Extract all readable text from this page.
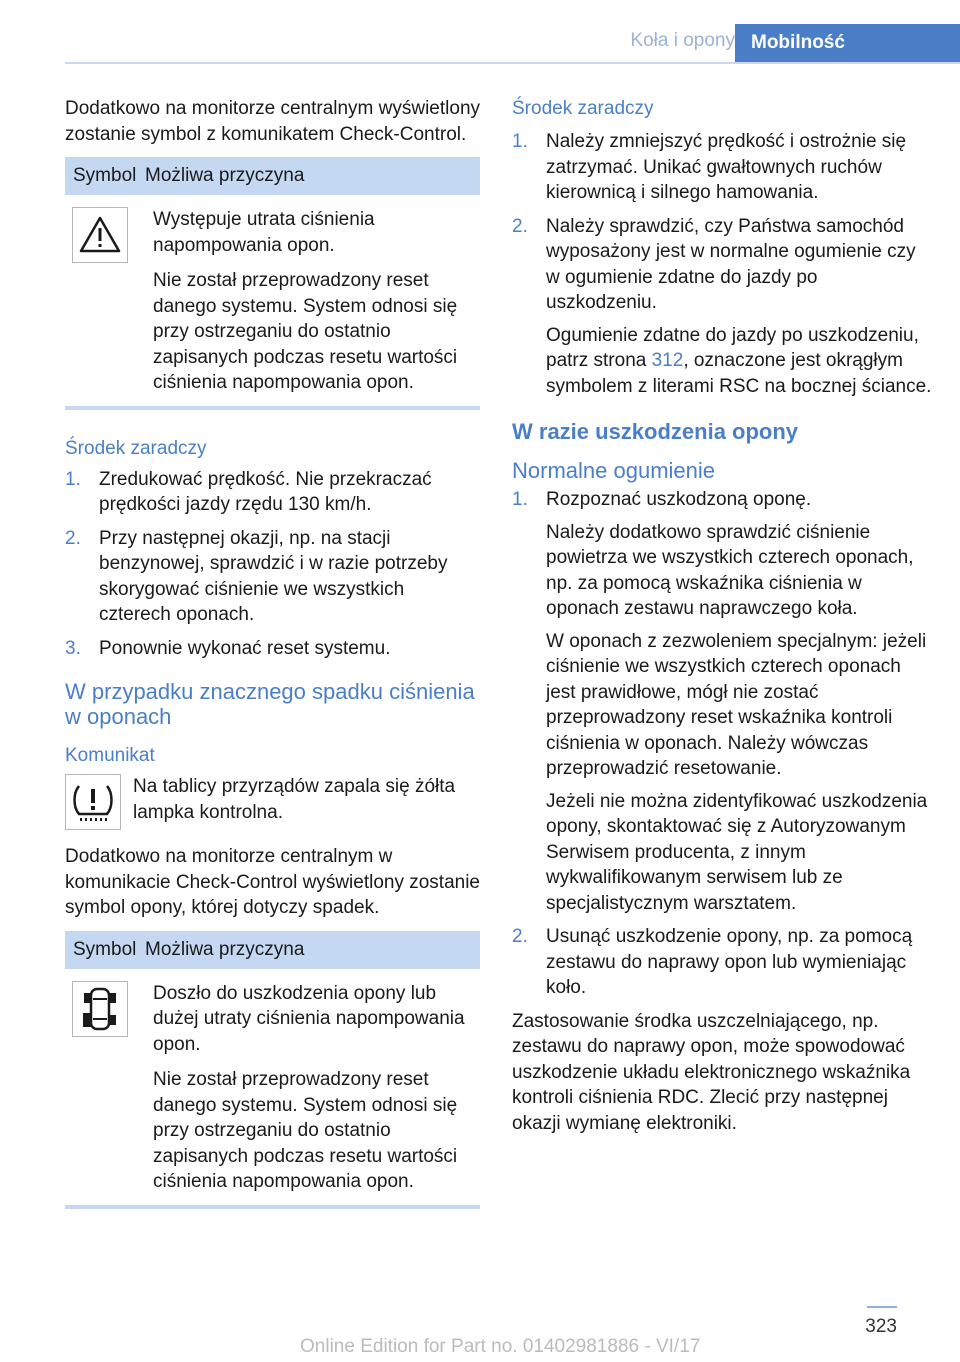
Koła i opony Mobilność

Dodatkowo na monitorze centralnym wyświetlony zostanie symbol z komunikatem Check-Control.

Symbol Możliwa przyczyna

Występuje utrata ciśnienia napompowania opon.

Nie został przeprowadzony reset danego systemu. System odnosi się przy ostrzeganiu do ostatnio zapisanych podczas resetu wartości ciśnienia napompowania opon.

Środek zaradczy

1. Zredukować prędkość. Nie przekraczać prędkości jazdy rzędu 130 km/h.

2. Przy następnej okazji, np. na stacji benzynowej, sprawdzić i w razie potrzeby skorygować ciśnienie we wszystkich czterech oponach.

3. Ponownie wykonać reset systemu.

W przypadku znacznego spadku ciśnienia w oponach

Komunikat

Na tablicy przyrządów zapala się żółta lampka kontrolna.

Dodatkowo na monitorze centralnym w komunikacie Check-Control wyświetlony zostanie symbol opony, której dotyczy spadek.

Symbol Możliwa przyczyna

Doszło do uszkodzenia opony lub dużej utraty ciśnienia napompowania opon.

Nie został przeprowadzony reset danego systemu. System odnosi się przy ostrzeganiu do ostatnio zapisanych podczas resetu wartości ciśnienia napompowania opon.

Środek zaradczy

1. Należy zmniejszyć prędkość i ostrożnie się zatrzymać. Unikać gwałtownych ruchów kierownicą i silnego hamowania.

2. Należy sprawdzić, czy Państwa samochód wyposażony jest w normalne ogumienie czy w ogumienie zdatne do jazdy po uszkodzeniu.

Ogumienie zdatne do jazdy po uszkodzeniu, patrz strona 312, oznaczone jest okrągłym symbolem z literami RSC na bocznej ściance.

W razie uszkodzenia opony

Normalne ogumienie

1. Rozpoznać uszkodzoną oponę.

Należy dodatkowo sprawdzić ciśnienie powietrza we wszystkich czterech oponach, np. za pomocą wskaźnika ciśnienia w oponach zestawu naprawczego koła.

W oponach z zezwoleniem specjalnym: jeżeli ciśnienie we wszystkich czterech oponach jest prawidłowe, mógł nie zostać przeprowadzony reset wskaźnika kontroli ciśnienia w oponach. Należy wówczas przeprowadzić resetowanie.

Jeżeli nie można zidentyfikować uszkodzenia opony, skontaktować się z Autoryzowanym Serwisem producenta, z innym wykwalifikowanym serwisem lub ze specjalistycznym warsztatem.

2. Usunąć uszkodzenie opony, np. za pomocą zestawu do naprawy opon lub wymieniając koło.

Zastosowanie środka uszczelniającego, np. zestawu do naprawy opon, może spowodować uszkodzenie układu elektronicznego wskaźnika kontroli ciśnienia RDC. Zlecić przy następnej okazji wymianę elektroniki.

323
Online Edition for Part no. 01402981886 - VI/17
